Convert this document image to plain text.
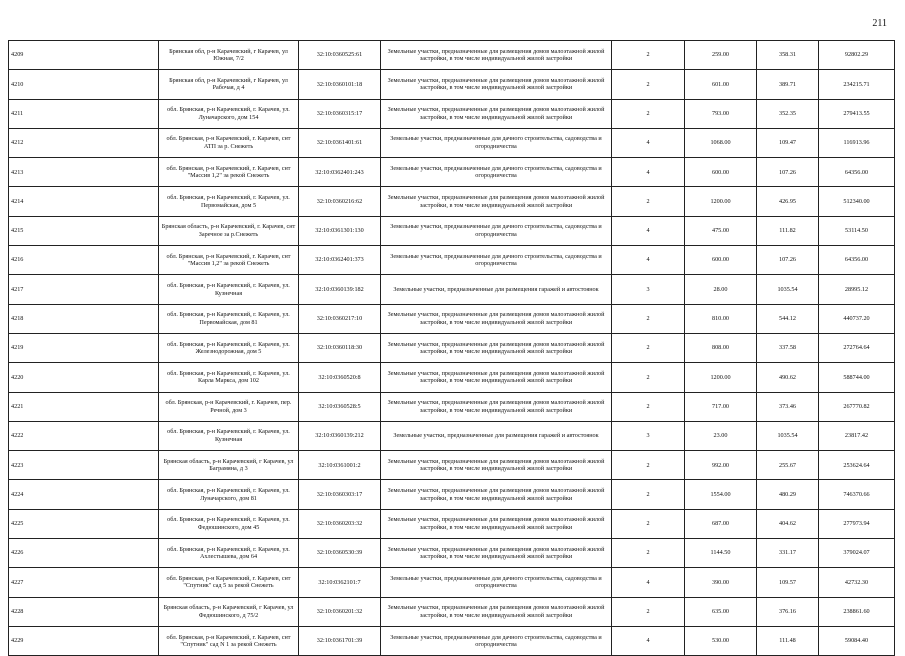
211
4209	Брянская обл, р-н Карачевский, г Карачев, ул Южная, 7/2	32:10:0360525:61	Земельные участки, предназначенные для размещения домов малоэтажной жилой застройки, в том числе индивидуальной жилой застройки	2	259.00	358.31	92802.29
4210	Брянская обл, р-н Карачевский, г Карачев, ул Рабочая, д 4	32:10:0360101:18	Земельные участки, предназначенные для размещения домов малоэтажной жилой застройки, в том числе индивидуальной жилой застройки	2	601.00	389.71	234215.71
4211	обл. Брянская, р-н Карачевский, г. Карачев, ул. Луначарского, дом 154	32:10:0360315:17	Земельные участки, предназначенные для размещения домов малоэтажной жилой застройки, в том числе индивидуальной жилой застройки	2	793.00	352.35	279413.55
4212	обл. Брянская, р-н Карачевский, г. Карачев, снт АТП за р. Снежеть	32:10:0361401:61	Земельные участки, предназначенные для дачного строительства, садоводства и огородничества	4	1068.00	109.47	116913.96
4213	обл. Брянская, р-н Карачевский, г. Карачев, снт "Массив 1,2" за рекой Снежеть	32:10:0362401:243	Земельные участки, предназначенные для дачного строительства, садоводства и огородничества	4	600.00	107.26	64356.00
4214	обл. Брянская, р-н Карачевский, г. Карачев, ул. Первомайская, дом 5	32:10:0360216:62	Земельные участки, предназначенные для размещения домов малоэтажной жилой застройки, в том числе индивидуальной жилой застройки	2	1200.00	426.95	512340.00
4215	Брянская область, р-н Карачевский, г. Карачев, снт Заречное за р.Снежеть	32:10:0361301:130	Земельные участки, предназначенные для дачного строительства, садоводства и огородничества	4	475.00	111.82	53114.50
4216	обл. Брянская, р-н Карачевский, г. Карачев, снт "Массив 1,2" за рекой Снежеть	32:10:0362401:373	Земельные участки, предназначенные для дачного строительства, садоводства и огородничества	4	600.00	107.26	64356.00
4217	обл. Брянская, р-н Карачевский, г. Карачев, ул. Кузнечная	32:10:0360139:182	Земельные участки, предназначенные для размещения гаражей и автостоянок	3	28.00	1035.54	28995.12
4218	обл. Брянская, р-н Карачевский, г. Карачев, ул. Первомайская, дом 81	32:10:0360217:10	Земельные участки, предназначенные для размещения домов малоэтажной жилой застройки, в том числе индивидуальной жилой застройки	2	810.00	544.12	440737.20
4219	обл. Брянская, р-н Карачевский, г. Карачев, ул. Железнодорожная, дом 5	32:10:0360118:30	Земельные участки, предназначенные для размещения домов малоэтажной жилой застройки, в том числе индивидуальной жилой застройки	2	808.00	337.58	272764.64
4220	обл. Брянская, р-н Карачевский, г. Карачев, ул. Карла Маркса, дом 102	32:10:0360520:8	Земельные участки, предназначенные для размещения домов малоэтажной жилой застройки, в том числе индивидуальной жилой застройки	2	1200.00	490.62	588744.00
4221	обл. Брянская, р-н Карачевский, г. Карачев, пер. Речной, дом 3	32:10:0360528:5	Земельные участки, предназначенные для размещения домов малоэтажной жилой застройки, в том числе индивидуальной жилой застройки	2	717.00	373.46	267770.82
4222	обл. Брянская, р-н Карачевский, г. Карачев, ул. Кузнечная	32:10:0360139:212	Земельные участки, предназначенные для размещения гаражей и автостоянок	3	23.00	1035.54	23817.42
4223	Брянская область, р-н Карачевский, г Карачев, ул Баграмяна, д 3	32:10:0361001:2	Земельные участки, предназначенные для размещения домов малоэтажной жилой застройки, в том числе индивидуальной жилой застройки	2	992.00	255.67	253624.64
4224	обл. Брянская, р-н Карачевский, г. Карачев, ул. Луначарского, дом 81	32:10:0360303:17	Земельные участки, предназначенные для размещения домов малоэтажной жилой застройки, в том числе индивидуальной жилой застройки	2	1554.00	480.29	746370.66
4225	обл. Брянская, р-н Карачевский, г. Карачев, ул. Федюшинского, дом 45	32:10:0360203:32	Земельные участки, предназначенные для размещения домов малоэтажной жилой застройки, в том числе индивидуальной жилой застройки	2	687.00	404.62	277973.94
4226	обл. Брянская, р-н Карачевский, г. Карачев, ул. Ахлестышева, дом 64	32:10:0360530:39	Земельные участки, предназначенные для размещения домов малоэтажной жилой застройки, в том числе индивидуальной жилой застройки	2	1144.50	331.17	379024.07
4227	обл. Брянская, р-н Карачевский, г. Карачев, снт "Спутник" сад 5 за рекой Снежеть	32:10:0362101:7	Земельные участки, предназначенные для дачного строительства, садоводства и огородничества	4	390.00	109.57	42732.30
4228	Брянская область, р-н Карачевский, г Карачев, ул Федюшинского, д 75/2	32:10:0360201:32	Земельные участки, предназначенные для размещения домов малоэтажной жилой застройки, в том числе индивидуальной жилой застройки	2	635.00	376.16	238861.60
4229	обл. Брянская, р-н Карачевский, г. Карачев, снт "Спутник" сад N 1 за рекой Снежеть	32:10:0361701:39	Земельные участки, предназначенные для дачного строительства, садоводства и огородничества	4	530.00	111.48	59084.40
